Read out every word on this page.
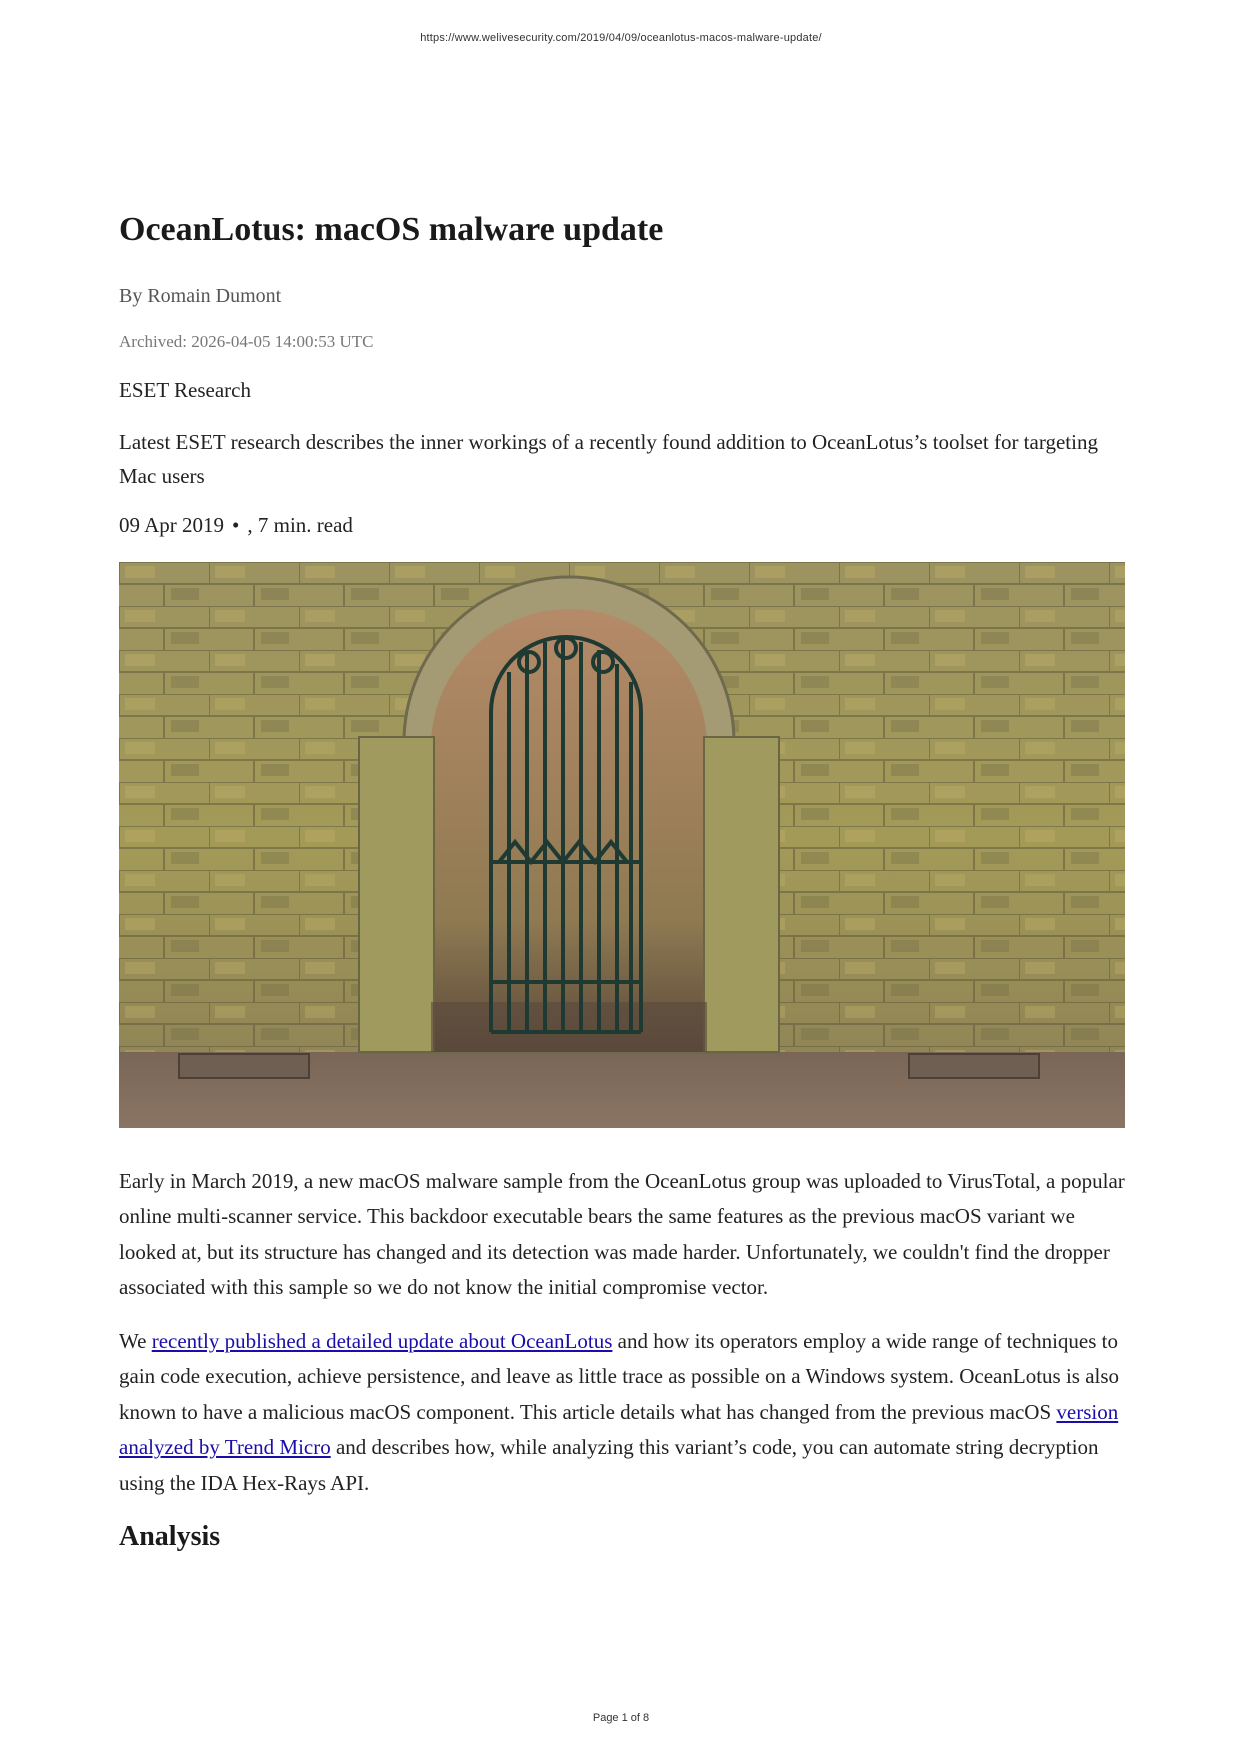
https://www.welivesecurity.com/2019/04/09/oceanlotus-macos-malware-update/
OceanLotus: macOS malware update
By Romain Dumont
Archived: 2026-04-05 14:00:53 UTC
ESET Research
Latest ESET research describes the inner workings of a recently found addition to OceanLotus’s toolset for targeting Mac users
09 Apr 2019 • , 7 min. read

Early in March 2019, a new macOS malware sample from the OceanLotus group was uploaded to VirusTotal, a popular online multi-scanner service. This backdoor executable bears the same features as the previous macOS variant we looked at, but its structure has changed and its detection was made harder. Unfortunately, we couldn't find the dropper associated with this sample so we do not know the initial compromise vector.

We recently published a detailed update about OceanLotus and how its operators employ a wide range of techniques to gain code execution, achieve persistence, and leave as little trace as possible on a Windows system. OceanLotus is also known to have a malicious macOS component. This article details what has changed from the previous macOS version analyzed by Trend Micro and describes how, while analyzing this variant’s code, you can automate string decryption using the IDA Hex-Rays API.

Analysis
Page 1 of 8
